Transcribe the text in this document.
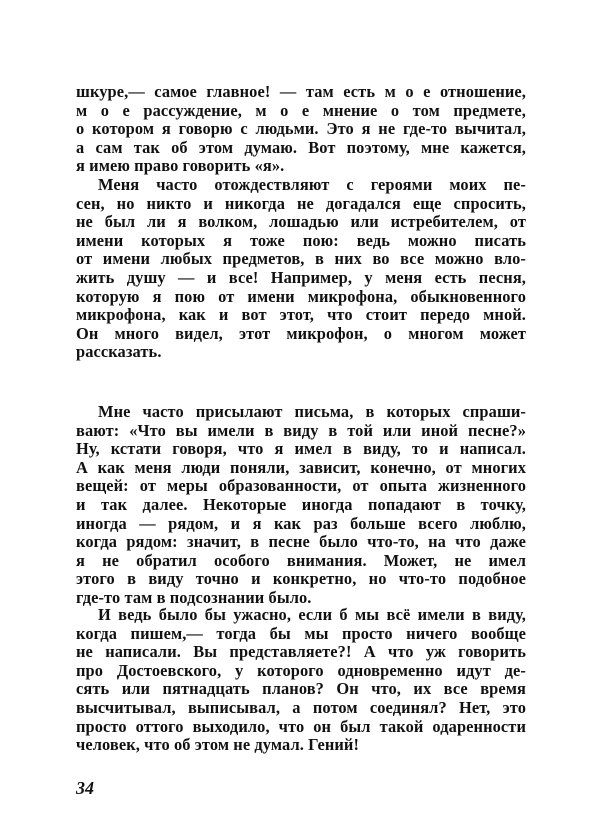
шкуре,— самое главное! — там есть м о е отношение,
м о е рассуждение, м о е мнение о том предмете,
о котором я говорю с людьми. Это я не где-то вычитал,
а сам так об этом думаю. Вот поэтому, мне кажется,
я имею право говорить «я».
Меня часто отождествляют с героями моих пе-
сен, но никто и никогда не догадался еще спросить,
не был ли я волком, лошадью или истребителем, от
имени которых я тоже пою: ведь можно писать
от имени любых предметов, в них во все можно вло-
жить душу — и все! Например, у меня есть песня,
которую я пою от имени микрофона, обыкновенного
микрофона, как и вот этот, что стоит передо мной.
Он много видел, этот микрофон, о многом может
рассказать.
Мне часто присылают письма, в которых спраши-
вают: «Что вы имели в виду в той или иной песне?»
Ну, кстати говоря, что я имел в виду, то и написал.
А как меня люди поняли, зависит, конечно, от многих
вещей: от меры образованности, от опыта жизненного
и так далее. Некоторые иногда попадают в точку,
иногда — рядом, и я как раз больше всего люблю,
когда рядом: значит, в песне было что-то, на что даже
я не обратил особого внимания. Может, не имел
этого в виду точно и конкретно, но что-то подобное
где-то там в подсознании было.
И ведь было бы ужасно, если б мы всё имели в виду,
когда пишем,— тогда бы мы просто ничего вообще
не написали. Вы представляете?! А что уж говорить
про Достоевского, у которого одновременно идут де-
сять или пятнадцать планов? Он что, их все время
высчитывал, выписывал, а потом соединял? Нет, это
просто оттого выходило, что он был такой одаренности
человек, что об этом не думал. Гений!
34
